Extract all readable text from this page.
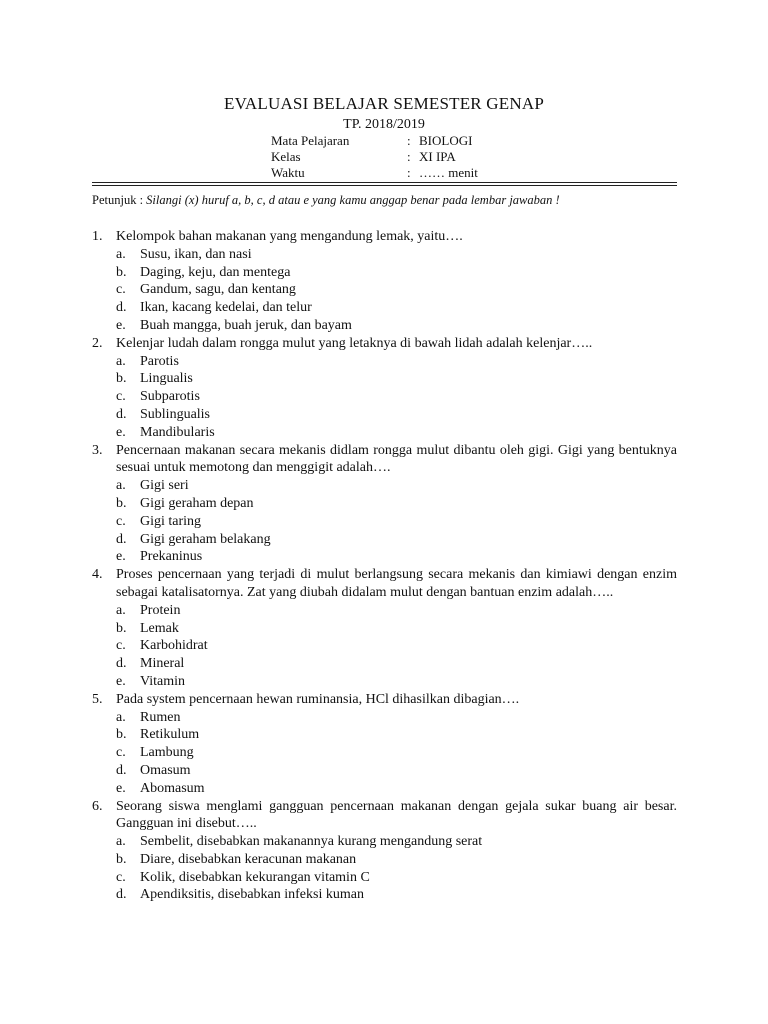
EVALUASI BELAJAR SEMESTER GENAP
TP. 2018/2019
Mata Pelajaran	: BIOLOGI
Kelas	: XI IPA
Waktu	: …… menit
Petunjuk : Silangi (x) huruf a, b, c, d atau e yang kamu anggap benar pada lembar jawaban !
1. Kelompok bahan makanan yang mengandung lemak, yaitu….
a. Susu, ikan, dan nasi
b. Daging, keju, dan mentega
c. Gandum, sagu, dan kentang
d. Ikan, kacang kedelai, dan telur
e. Buah mangga, buah jeruk, dan bayam
2. Kelenjar ludah dalam rongga mulut yang letaknya di bawah lidah adalah kelenjar…..
a. Parotis
b. Lingualis
c. Subparotis
d. Sublingualis
e. Mandibularis
3. Pencernaan makanan secara mekanis didlam rongga mulut dibantu oleh gigi. Gigi yang bentuknya sesuai untuk memotong dan menggigit adalah….
a. Gigi seri
b. Gigi geraham depan
c. Gigi taring
d. Gigi geraham belakang
e. Prekaninus
4. Proses pencernaan yang terjadi di mulut berlangsung secara mekanis dan kimiawi dengan enzim sebagai katalisatornya. Zat yang diubah didalam mulut dengan bantuan enzim adalah…..
a. Protein
b. Lemak
c. Karbohidrat
d. Mineral
e. Vitamin
5. Pada system pencernaan hewan ruminansia, HCl dihasilkan dibagian….
a. Rumen
b. Retikulum
c. Lambung
d. Omasum
e. Abomasum
6. Seorang siswa menglami gangguan pencernaan makanan dengan gejala sukar buang air besar. Gangguan ini disebut…..
a. Sembelit, disebabkan makanannya kurang mengandung serat
b. Diare, disebabkan keracunan makanan
c. Kolik, disebabkan kekurangan vitamin C
d. Apendiksitis, disebabkan infeksi kuman
